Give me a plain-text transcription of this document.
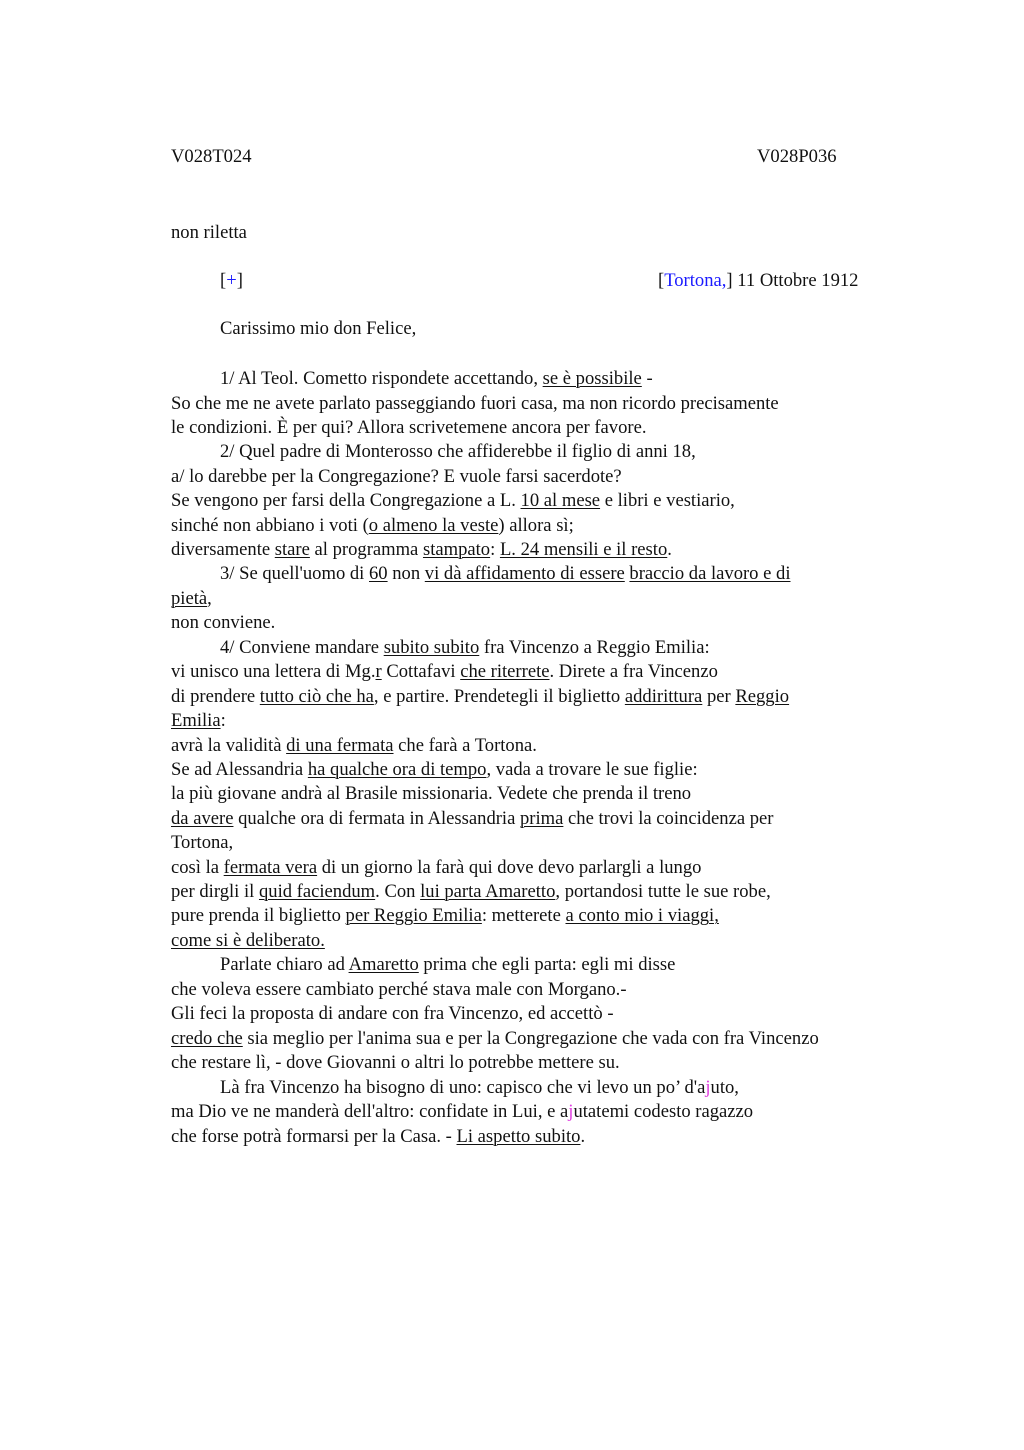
V028T024	V028P036
non riletta
[+]	[Tortona,] 11 Ottobre 1912
Carissimo mio don Felice,
1/ Al Teol. Cometto rispondete accettando, se è possibile -
So che me ne avete parlato passeggiando fuori casa, ma non ricordo precisamente
le condizioni. È per qui? Allora scrivetemene ancora per favore.
2/ Quel padre di Monterosso che affiderebbe il figlio di anni 18,
a/ lo darebbe per la Congregazione? E vuole farsi sacerdote?
Se vengono per farsi della Congregazione a L. 10 al mese e libri e vestiario,
sinché non abbiano i voti (o almeno la veste) allora sì;
diversamente stare al programma stampato: L. 24 mensili e il resto.
3/ Se quell'uomo di 60 non vi dà affidamento di essere braccio da lavoro e di
pietà,
non conviene.
4/ Conviene mandare subito subito fra Vincenzo a Reggio Emilia:
vi unisco una lettera di Mg.r Cottafavi che riterrete. Direte a fra Vincenzo
di prendere tutto ciò che ha, e partire. Prendetegli il biglietto addirittura per Reggio
Emilia:
avrà la validità di una fermata che farà a Tortona.
Se ad Alessandria ha qualche ora di tempo, vada a trovare le sue figlie:
la più giovane andrà al Brasile missionaria. Vedete che prenda il treno
da avere qualche ora di fermata in Alessandria prima che trovi la coincidenza per
Tortona,
così la fermata vera di un giorno la farà qui dove devo parlargli a lungo
per dirgli il quid faciendum. Con lui parta Amaretto, portandosi tutte le sue robe,
pure prenda il biglietto per Reggio Emilia: metterete a conto mio i viaggi,
come si è deliberato.
Parlate chiaro ad Amaretto prima che egli parta: egli mi disse
che voleva essere cambiato perché stava male con Morgano.-
Gli feci la proposta di andare con fra Vincenzo, ed accettò -
credo che sia meglio per l'anima sua e per la Congregazione che vada con fra Vincenzo
che restare lì, - dove Giovanni o altri lo potrebbe mettere su.
Là fra Vincenzo ha bisogno di uno: capisco che vi levo un po’ d'ajuto,
ma Dio ve ne manderà dell'altro: confidate in Lui, e ajutatemi codesto ragazzo
che forse potrà formarsi per la Casa. - Li aspetto subito.
